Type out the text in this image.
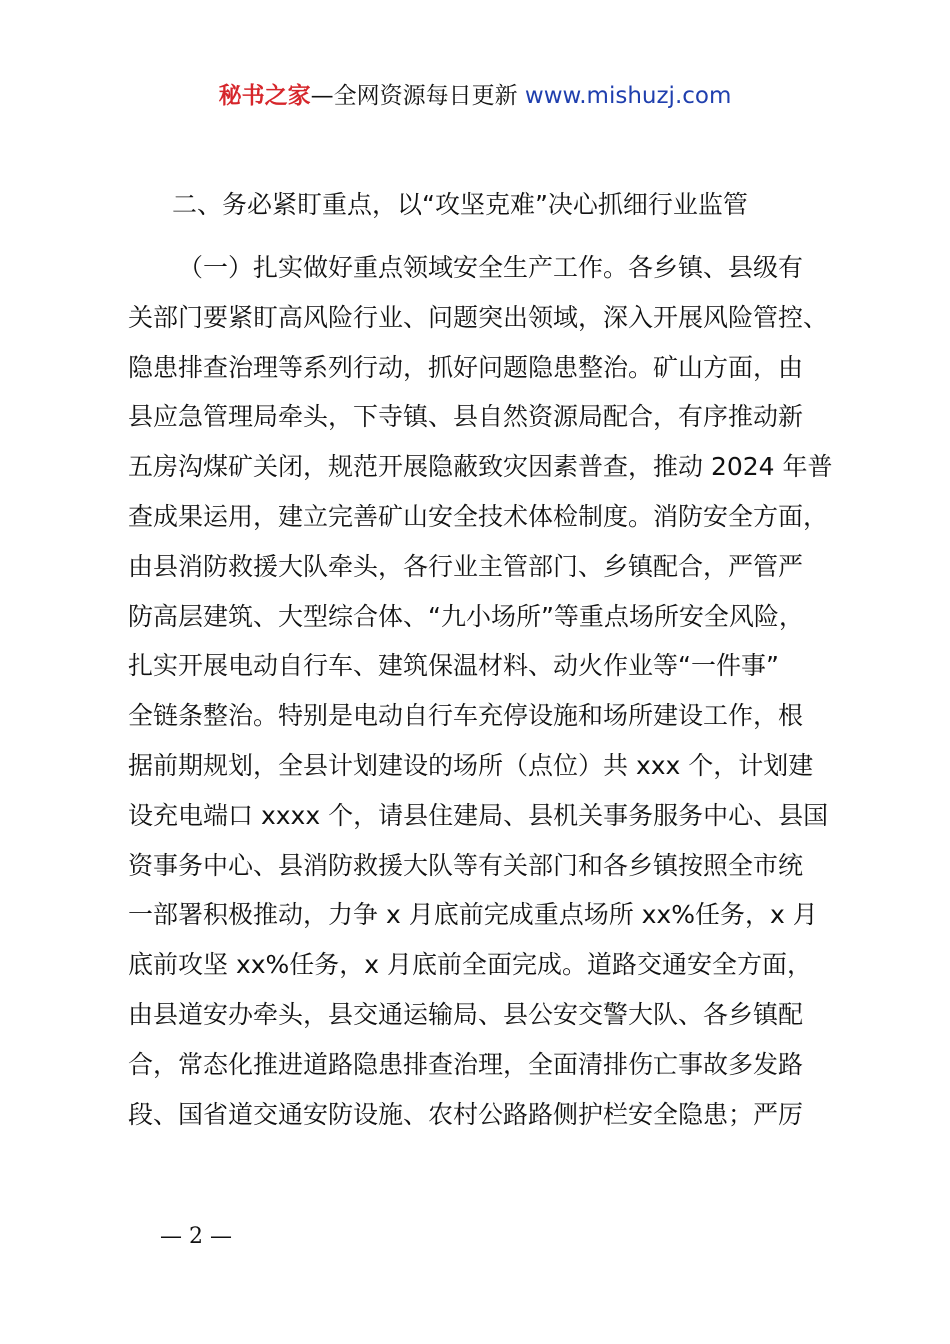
秘书之家—全网资源每日更新 www.mishuzj.com
二、务必紧盯重点，以“攻坚克难”决心抓细行业监管
（一）扎实做好重点领域安全生产工作。各乡镇、县级有
关部门要紧盯高风险行业、问题突出领域，深入开展风险管控、
隐患排查治理等系列行动，抓好问题隐患整治。矿山方面，由
县应急管理局牵头，下寺镇、县自然资源局配合，有序推动新
五房沟煤矿关闭，规范开展隐蔽致灾因素普查，推动 2024 年普
查成果运用，建立完善矿山安全技术体检制度。消防安全方面，
由县消防救援大队牵头，各行业主管部门、乡镇配合，严管严
防高层建筑、大型综合体、“九小场所”等重点场所安全风险，
扎实开展电动自行车、建筑保温材料、动火作业等“一件事”
全链条整治。特别是电动自行车充停设施和场所建设工作，根
据前期规划，全县计划建设的场所（点位）共 xxx 个，计划建
设充电端口 xxxx 个，请县住建局、县机关事务服务中心、县国
资事务中心、县消防救援大队等有关部门和各乡镇按照全市统
一部署积极推动，力争 x 月底前完成重点场所 xx%任务，x 月
底前攻坚 xx%任务，x 月底前全面完成。道路交通安全方面，
由县道安办牵头，县交通运输局、县公安交警大队、各乡镇配
合，常态化推进道路隐患排查治理，全面清排伤亡事故多发路
段、国省道交通安防设施、农村公路路侧护栏安全隐患；严厉
— 2 —
